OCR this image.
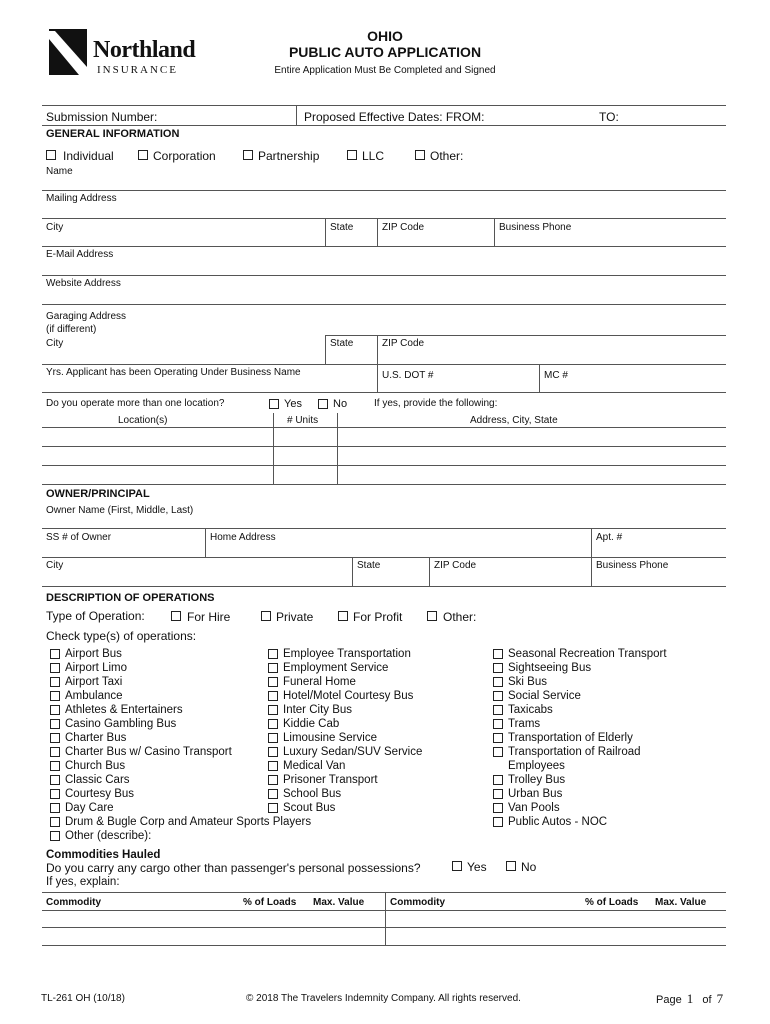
Northland
INSURANCE
OHIO
PUBLIC AUTO APPLICATION
Entire Application Must Be Completed and Signed
Submission Number:	Proposed Effective Dates: FROM:	TO:
GENERAL INFORMATION
Individual	Corporation	Partnership	LLC	Other:
Name
Mailing Address
City	State	ZIP Code	Business Phone
E-Mail Address
Website Address
Garaging Address
(if different)
City	State	ZIP Code
Yrs. Applicant has been Operating Under Business Name	U.S. DOT #	MC #
Do you operate more than one location?	Yes	No	If yes, provide the following:
Location(s)	# Units	Address, City, State
OWNER/PRINCIPAL
Owner Name (First, Middle, Last)
SS # of Owner	Home Address	Apt. #
City	State	ZIP Code	Business Phone
DESCRIPTION OF OPERATIONS
Type of Operation:	For Hire	Private	For Profit	Other:
Check type(s) of operations:
Airport Bus
Airport Limo
Airport Taxi
Ambulance
Athletes & Entertainers
Casino Gambling Bus
Charter Bus
Charter Bus w/ Casino Transport
Church Bus
Classic Cars
Courtesy Bus
Day Care
Drum & Bugle Corp and Amateur Sports Players
Other (describe):
Employee Transportation
Employment Service
Funeral Home
Hotel/Motel Courtesy Bus
Inter City Bus
Kiddie Cab
Limousine Service
Luxury Sedan/SUV Service
Medical Van
Prisoner Transport
School Bus
Scout Bus
Seasonal Recreation Transport
Sightseeing Bus
Ski Bus
Social Service
Taxicabs
Trams
Transportation of Elderly
Transportation of Railroad
Employees
Trolley Bus
Urban Bus
Van Pools
Public Autos - NOC
Commodities Hauled
Do you carry any cargo other than passenger's personal possessions?	Yes	No
If yes, explain:
Commodity	% of Loads Max. Value	Commodity	% of Loads Max. Value
TL-261 OH (10/18)	© 2018 The Travelers Indemnity Company. All rights reserved.	Page 1 of 7
